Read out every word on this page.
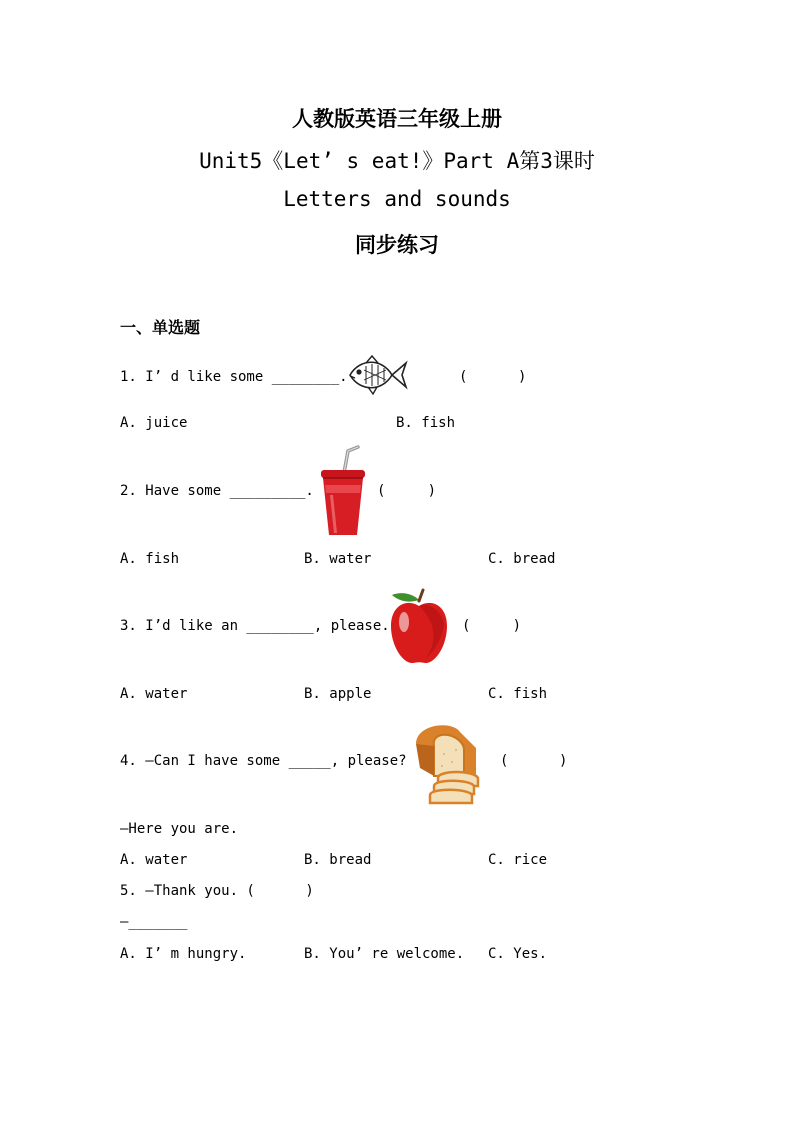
人教版英语三年级上册
Unit5《Let’ s eat!》Part A第3课时
Letters and sounds
同步练习
一、单选题
1. I’ d like some ________.	(      )
A. juice	B. fish
2. Have some _________.	(     )
A. fish	B. water	C. bread
3. I’d like an ________, please.	(     )
A. water	B. apple	C. fish
4. —Can I have some _____, please?	(      )
—Here you are.
A. water	B. bread	C. rice
5. —Thank you. (      )
—_______
A. I’ m hungry.	B. You’ re welcome. C. Yes.
